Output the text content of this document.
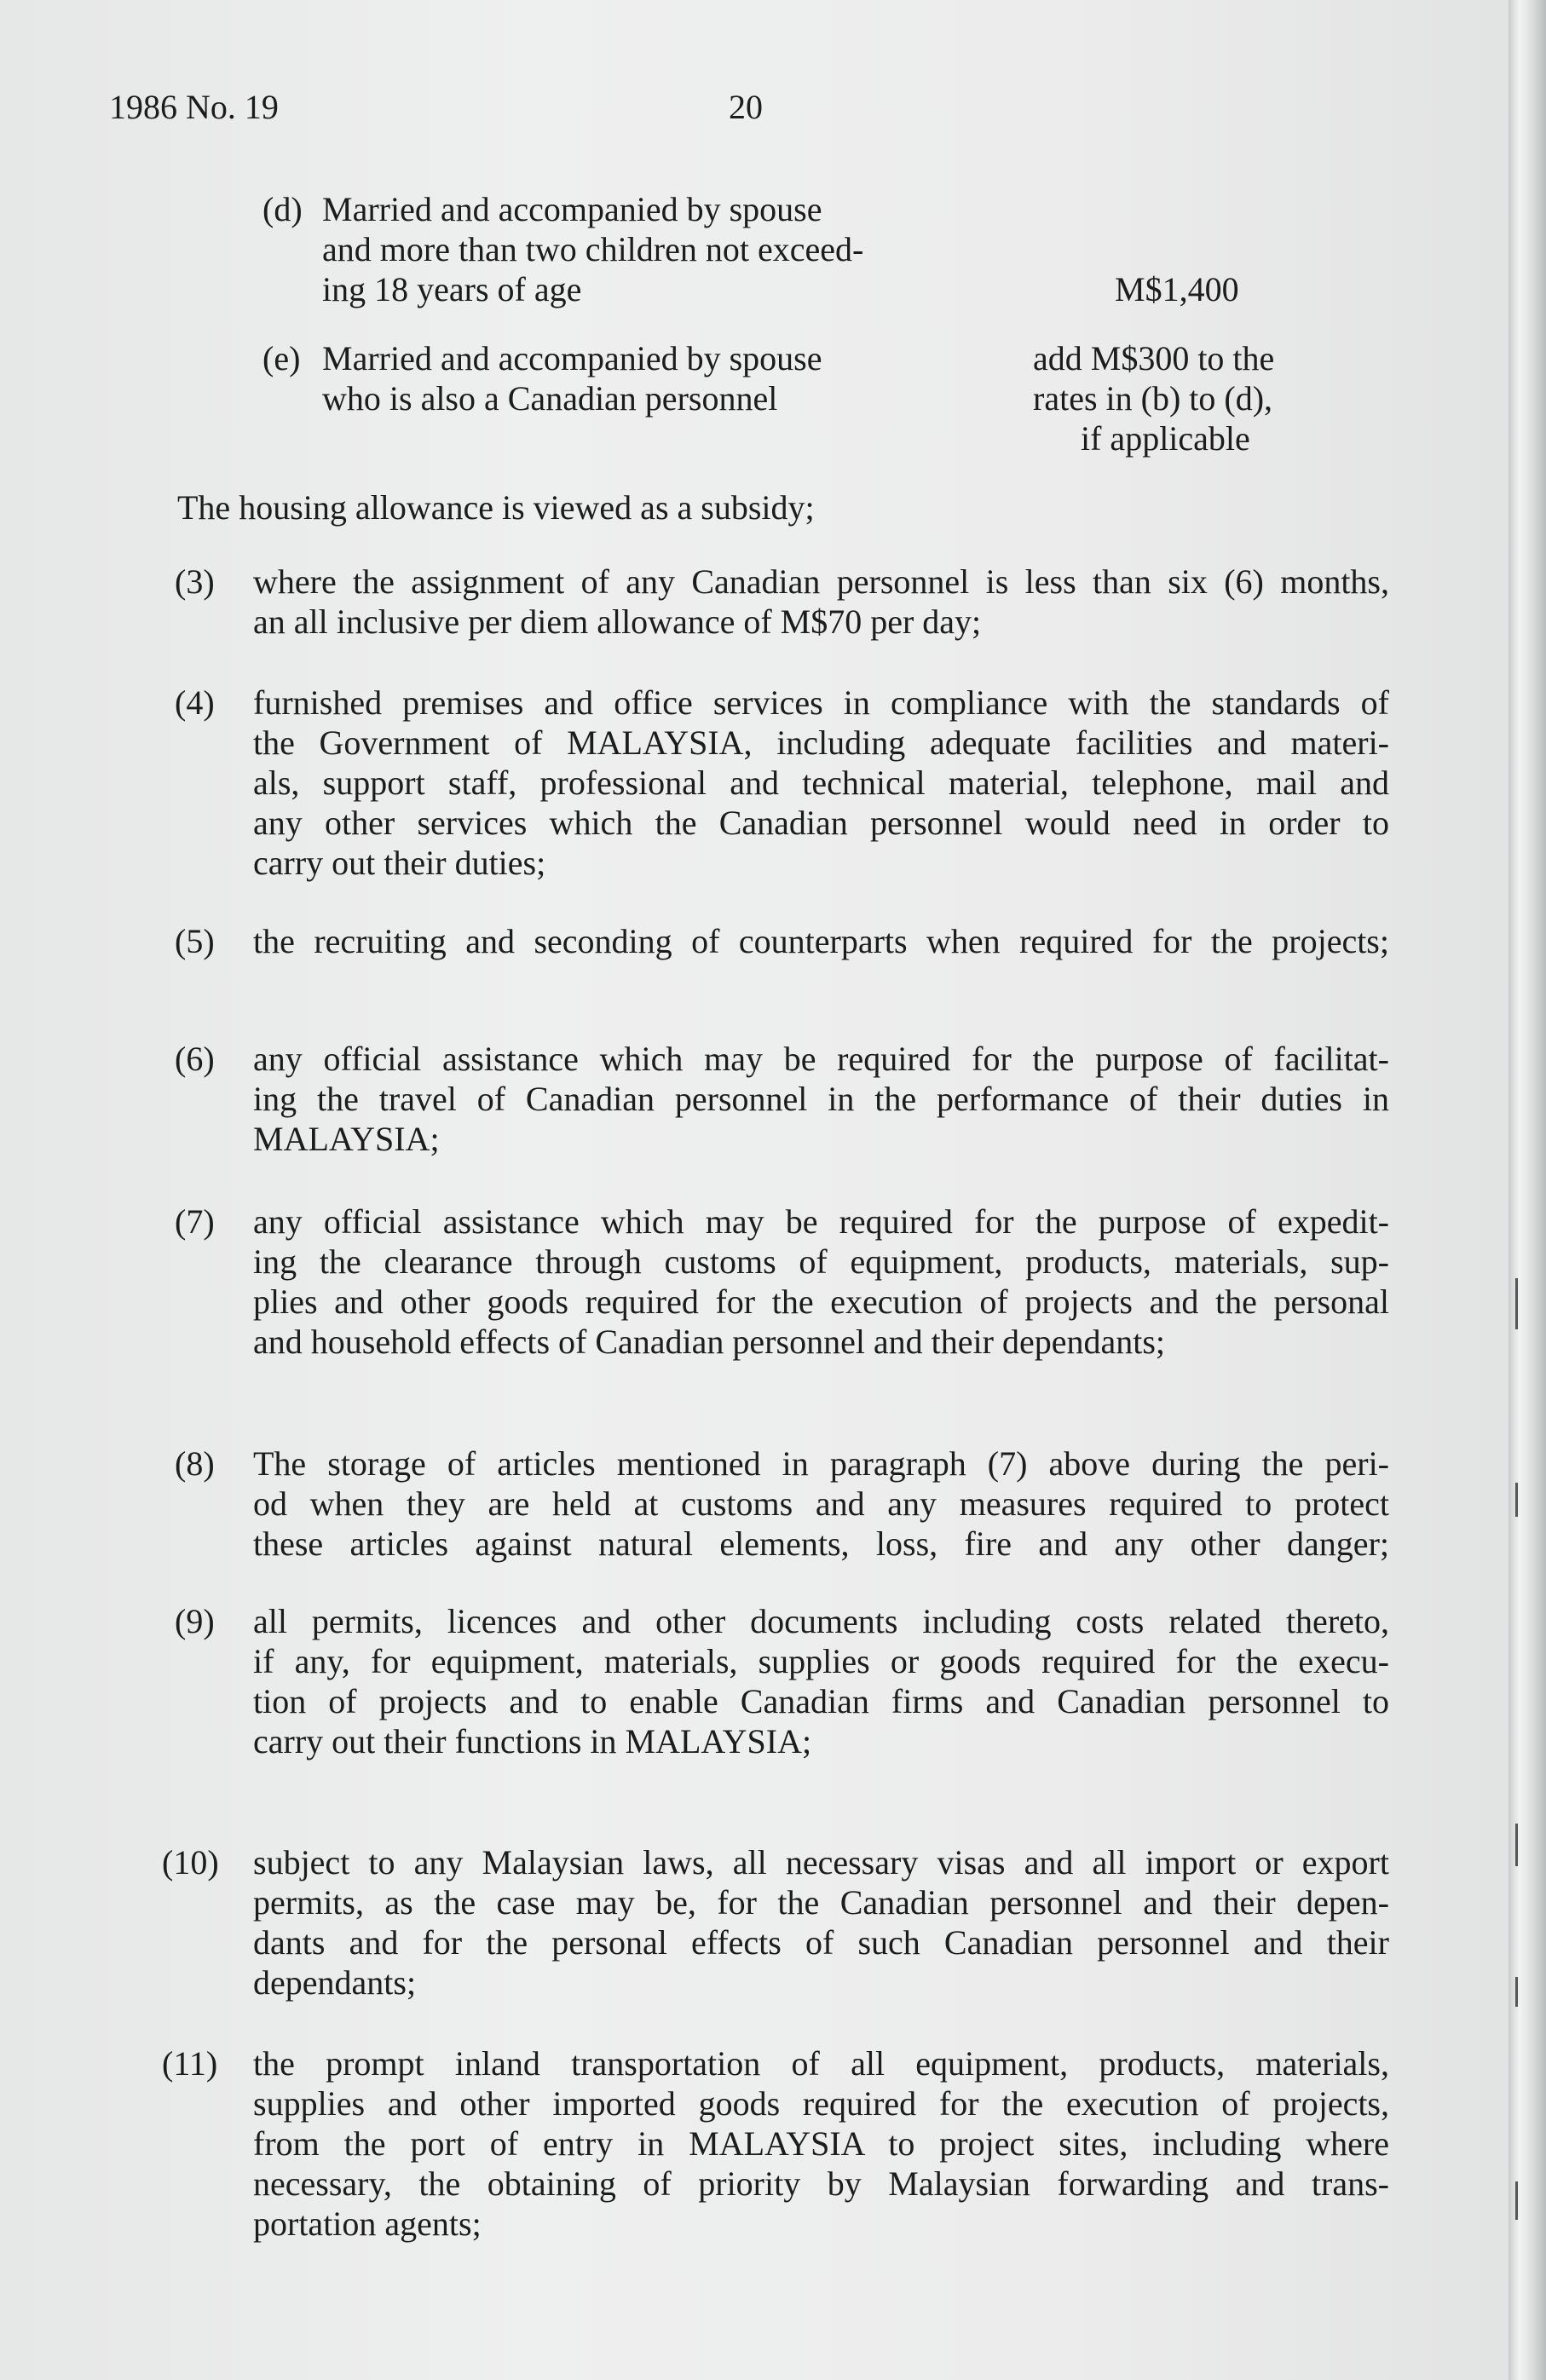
1986 No. 19	20
(d) Married and accompanied by spouse
and more than two children not exceed-
ing 18 years of age	M$1,400
(e) Married and accompanied by spouse
who is also a Canadian personnel
add M$300 to the
rates in (b) to (d),
if applicable
The housing allowance is viewed as a subsidy;
(3) where the assignment of any Canadian personnel is less than six (6) months,
an all inclusive per diem allowance of M$70 per day;
(4) furnished premises and office services in compliance with the standards of
the Government of MALAYSIA, including adequate facilities and materi-
als, support staff, professional and technical material, telephone, mail and
any other services which the Canadian personnel would need in order to
carry out their duties;
(5) the recruiting and seconding of counterparts when required for the projects;
(6) any official assistance which may be required for the purpose of facilitat-
ing the travel of Canadian personnel in the performance of their duties in
MALAYSIA;
(7) any official assistance which may be required for the purpose of expedit-
ing the clearance through customs of equipment, products, materials, sup-
plies and other goods required for the execution of projects and the personal
and household effects of Canadian personnel and their dependants;
(8) The storage of articles mentioned in paragraph (7) above during the peri-
od when they are held at customs and any measures required to protect
these articles against natural elements, loss, fire and any other danger;
(9) all permits, licences and other documents including costs related thereto,
if any, for equipment, materials, supplies or goods required for the execu-
tion of projects and to enable Canadian firms and Canadian personnel to
carry out their functions in MALAYSIA;
(10) subject to any Malaysian laws, all necessary visas and all import or export
permits, as the case may be, for the Canadian personnel and their depen-
dants and for the personal effects of such Canadian personnel and their
dependants;
(11) the prompt inland transportation of all equipment, products, materials,
supplies and other imported goods required for the execution of projects,
from the port of entry in MALAYSIA to project sites, including where
necessary, the obtaining of priority by Malaysian forwarding and trans-
portation agents;
